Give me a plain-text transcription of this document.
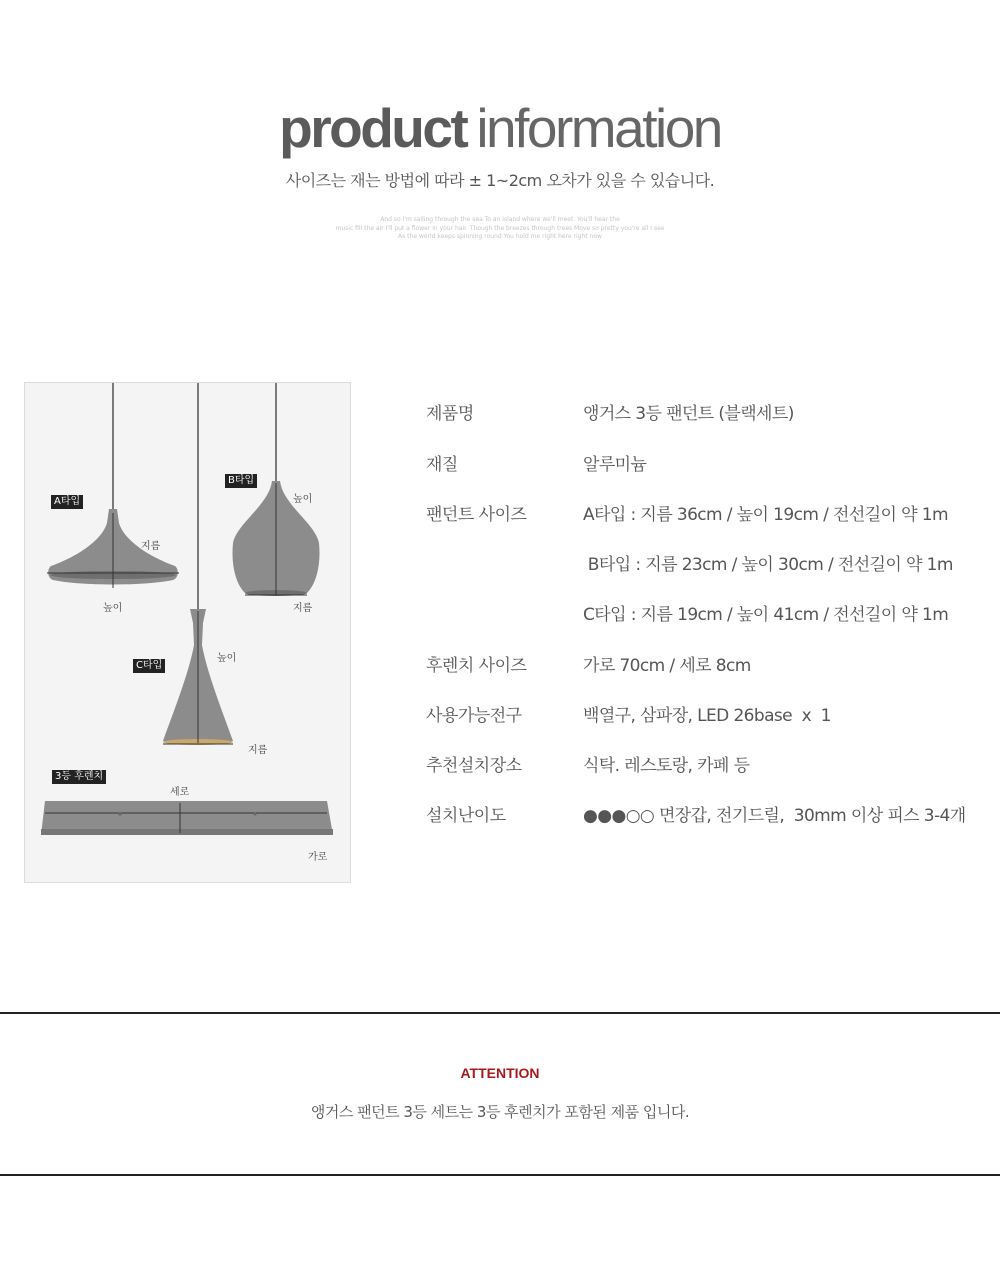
product information
사이즈는 재는 방법에 따라 ± 1~2cm 오차가 있을 수 있습니다.
And so I'm sailing through the sea To an island where we'll meet. You'll hear the
music fill the air I'll put a flower in your hair. Though the breezes through trees Move so pretty you're all I see
As the world keeps spinning round You hold me right here right now
A타입
B타입
C타입
3등 후렌치
지름
높이
높이
지름
높이
지름
세로
가로
제품명	앵거스 3등 팬던트 (블랙세트)
재질	알루미늄
팬던트 사이즈	A타입 : 지름 36cm / 높이 19cm / 전선길이 약 1m
B타입 : 지름 23cm / 높이 30cm / 전선길이 약 1m
C타입 : 지름 19cm / 높이 41cm / 전선길이 약 1m
후렌치 사이즈	가로 70cm / 세로 8cm
사용가능전구	백열구, 삼파장, LED 26base  x  1
추천설치장소	식탁. 레스토랑, 카페 등
설치난이도	●●●○○ 면장갑, 전기드릴,  30mm 이상 피스 3-4개
ATTENTION
앵거스 팬던트 3등 세트는 3등 후렌치가 포함된 제품 입니다.
